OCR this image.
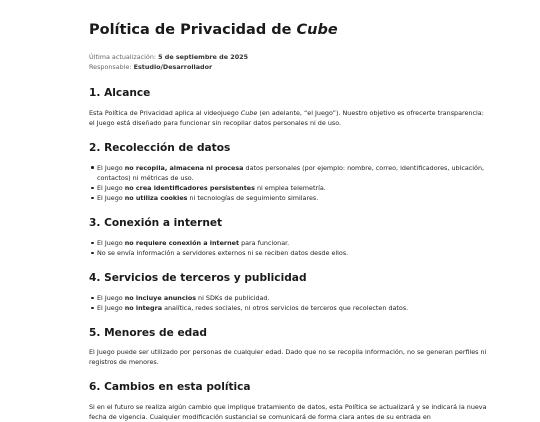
Política de Privacidad de Cube

Última actualización: 5 de septiembre de 2025

Responsable: Estudio/Desarrollador

1. Alcance

Esta Política de Privacidad aplica al videojuego Cube (en adelante, “el Juego”). Nuestro objetivo es ofrecerte transparencia: el Juego está diseñado para funcionar sin recopilar datos personales ni de uso.

2. Recolección de datos
El Juego no recopila, almacena ni procesa datos personales (por ejemplo: nombre, correo, identificadores, ubicación, contactos) ni métricas de uso.
El Juego no crea identificadores persistentes ni emplea telemetría.
El Juego no utiliza cookies ni tecnologías de seguimiento similares.
3. Conexión a internet
El Juego no requiere conexión a internet para funcionar.
No se envía información a servidores externos ni se reciben datos desde ellos.
4. Servicios de terceros y publicidad
El Juego no incluye anuncios ni SDKs de publicidad.
El Juego no integra analítica, redes sociales, ni otros servicios de terceros que recolecten datos.
5. Menores de edad

El Juego puede ser utilizado por personas de cualquier edad. Dado que no se recopila información, no se generan perfiles ni registros de menores.

6. Cambios en esta política

Si en el futuro se realiza algún cambio que implique tratamiento de datos, esta Política se actualizará y se indicará la nueva fecha de vigencia. Cualquier modificación sustancial se comunicará de forma clara antes de su entrada en
